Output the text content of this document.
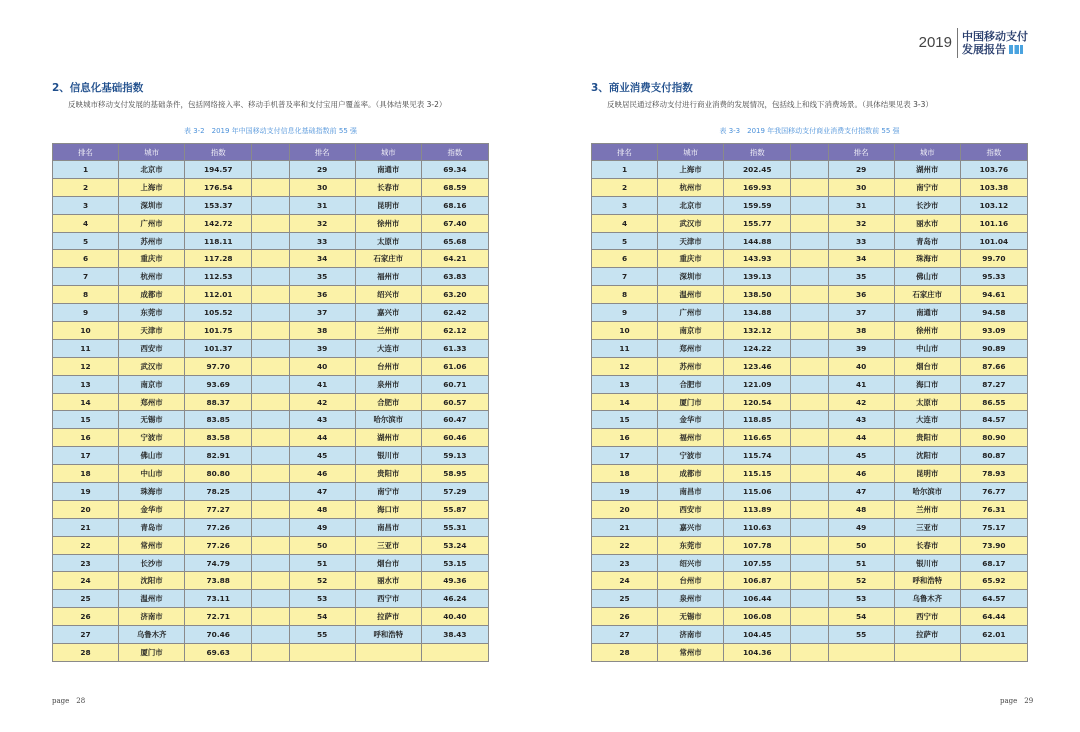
2019 中国移动支付
发展报告
2、信息化基础指数
反映城市移动支付发展的基础条件，包括网络接入率、移动手机普及率和支付宝用户覆盖率。（具体结果见表 3-2）
表 3-2　2019 年中国移动支付信息化基础指数前 55 强
排名	城市	指数		排名	城市	指数
1	北京市	194.57		29	南通市	69.34
2	上海市	176.54		30	长春市	68.59
3	深圳市	153.37		31	昆明市	68.16
4	广州市	142.72		32	徐州市	67.40
5	苏州市	118.11		33	太原市	65.68
6	重庆市	117.28		34	石家庄市	64.21
7	杭州市	112.53		35	福州市	63.83
8	成都市	112.01		36	绍兴市	63.20
9	东莞市	105.52		37	嘉兴市	62.42
10	天津市	101.75		38	兰州市	62.12
11	西安市	101.37		39	大连市	61.33
12	武汉市	97.70		40	台州市	61.06
13	南京市	93.69		41	泉州市	60.71
14	郑州市	88.37		42	合肥市	60.57
15	无锡市	83.85		43	哈尔滨市	60.47
16	宁波市	83.58		44	湖州市	60.46
17	佛山市	82.91		45	银川市	59.13
18	中山市	80.80		46	贵阳市	58.95
19	珠海市	78.25		47	南宁市	57.29
20	金华市	77.27		48	海口市	55.87
21	青岛市	77.26		49	南昌市	55.31
22	常州市	77.26		50	三亚市	53.24
23	长沙市	74.79		51	烟台市	53.15
24	沈阳市	73.88		52	丽水市	49.36
25	温州市	73.11		53	西宁市	46.24
26	济南市	72.71		54	拉萨市	40.40
27	乌鲁木齐	70.46		55	呼和浩特	38.43
28	厦门市	69.63				
page　28
3、商业消费支付指数
反映居民通过移动支付进行商业消费的发展情况，包括线上和线下消费场景。（具体结果见表 3-3）
表 3-3　2019 年我国移动支付商业消费支付指数前 55 强
排名	城市	指数		排名	城市	指数
1	上海市	202.45		29	湖州市	103.76
2	杭州市	169.93		30	南宁市	103.38
3	北京市	159.59		31	长沙市	103.12
4	武汉市	155.77		32	丽水市	101.16
5	天津市	144.88		33	青岛市	101.04
6	重庆市	143.93		34	珠海市	99.70
7	深圳市	139.13		35	佛山市	95.33
8	温州市	138.50		36	石家庄市	94.61
9	广州市	134.88		37	南通市	94.58
10	南京市	132.12		38	徐州市	93.09
11	郑州市	124.22		39	中山市	90.89
12	苏州市	123.46		40	烟台市	87.66
13	合肥市	121.09		41	海口市	87.27
14	厦门市	120.54		42	太原市	86.55
15	金华市	118.85		43	大连市	84.57
16	福州市	116.65		44	贵阳市	80.90
17	宁波市	115.74		45	沈阳市	80.87
18	成都市	115.15		46	昆明市	78.93
19	南昌市	115.06		47	哈尔滨市	76.77
20	西安市	113.89		48	兰州市	76.31
21	嘉兴市	110.63		49	三亚市	75.17
22	东莞市	107.78		50	长春市	73.90
23	绍兴市	107.55		51	银川市	68.17
24	台州市	106.87		52	呼和浩特	65.92
25	泉州市	106.44		53	乌鲁木齐	64.57
26	无锡市	106.08		54	西宁市	64.44
27	济南市	104.45		55	拉萨市	62.01
28	常州市	104.36				
page　29
